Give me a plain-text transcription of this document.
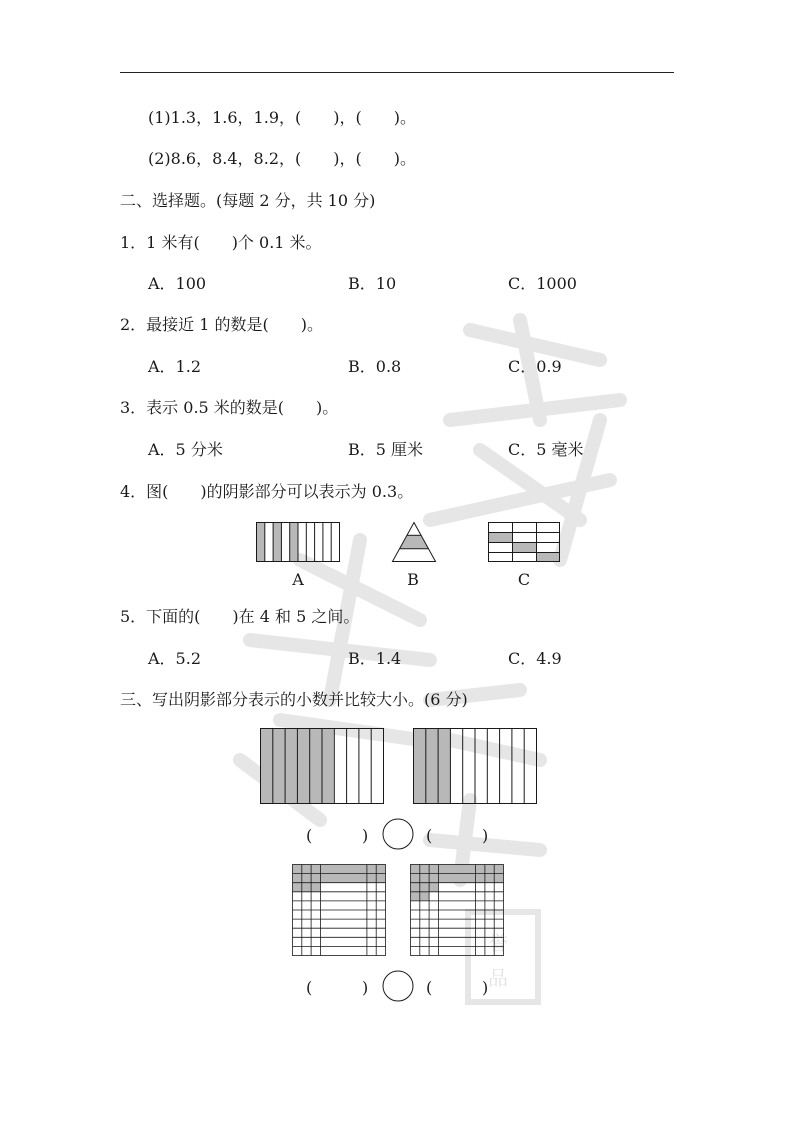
誉
品
(1)1.3，1.6，1.9，(　　)，(　　)。
(2)8.6，8.4，8.2，(　　)，(　　)。
二、选择题。(每题 2 分，共 10 分)
1．1 米有(　　)个 0.1 米。
A．100	B．10	C．1000
2．最接近 1 的数是(　　)。
A．1.2	B．0.8	C．0.9
3．表示 0.5 米的数是(　　)。
A．5 分米	B．5 厘米	C．5 毫米
4．图(　　)的阴影部分可以表示为 0.3。
A	B	C
5．下面的(　　)在 4 和 5 之间。
A．5.2	B．1.4	C．4.9
三、写出阴影部分表示的小数并比较大小。(6 分)
(	)	(	)
(	)	(	)
